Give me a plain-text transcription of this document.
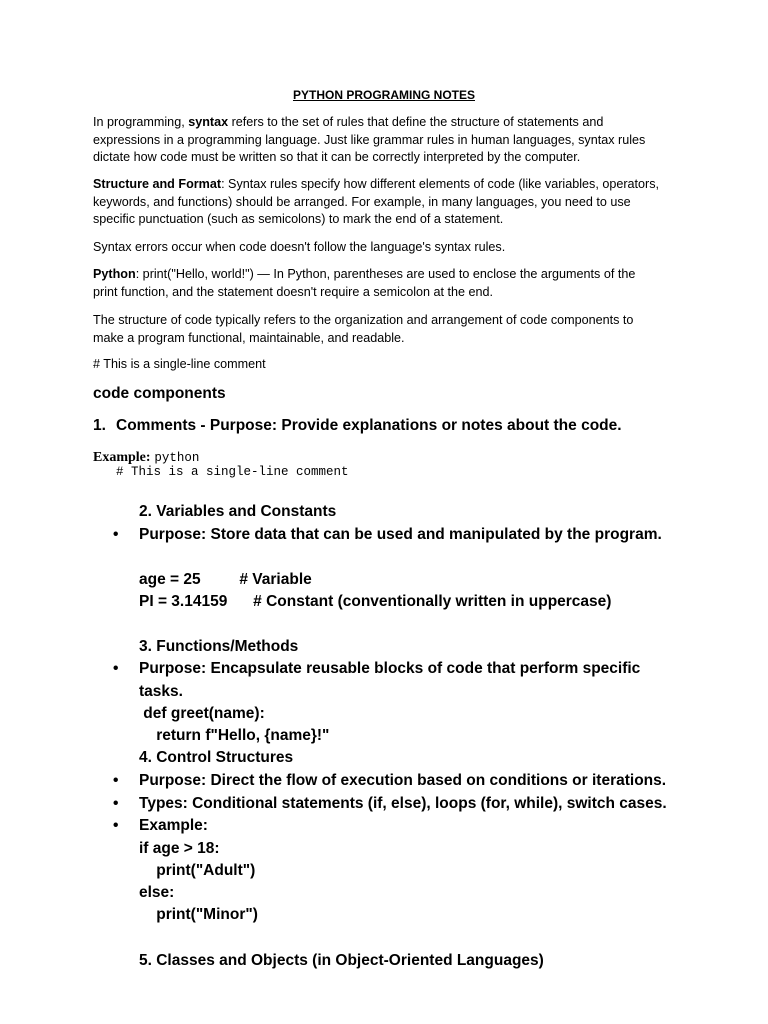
PYTHON PROGRAMING NOTES
In programming, syntax refers to the set of rules that define the structure of statements and
expressions in a programming language. Just like grammar rules in human languages, syntax rules
dictate how code must be written so that it can be correctly interpreted by the computer.
Structure and Format: Syntax rules specify how different elements of code (like variables, operators,
keywords, and functions) should be arranged. For example, in many languages, you need to use
specific punctuation (such as semicolons) to mark the end of a statement.
Syntax errors occur when code doesn't follow the language's syntax rules.
Python: print("Hello, world!") — In Python, parentheses are used to enclose the arguments of the
print function, and the statement doesn't require a semicolon at the end.
The structure of code typically refers to the organization and arrangement of code components to
make a program functional, maintainable, and readable.
# This is a single-line comment
code components
1. Comments - Purpose: Provide explanations or notes about the code.
Example: python
# This is a single-line comment
2. Variables and Constants
• Purpose: Store data that can be used and manipulated by the program.
age = 25         # Variable
PI = 3.14159      # Constant (conventionally written in uppercase)
3. Functions/Methods
• Purpose: Encapsulate reusable blocks of code that perform specific
tasks.
def greet(name):
return f"Hello, {name}!"
4. Control Structures
• Purpose: Direct the flow of execution based on conditions or iterations.
• Types: Conditional statements (if, else), loops (for, while), switch cases.
• Example:
if age > 18:
print("Adult")
else:
print("Minor")
5. Classes and Objects (in Object-Oriented Languages)
